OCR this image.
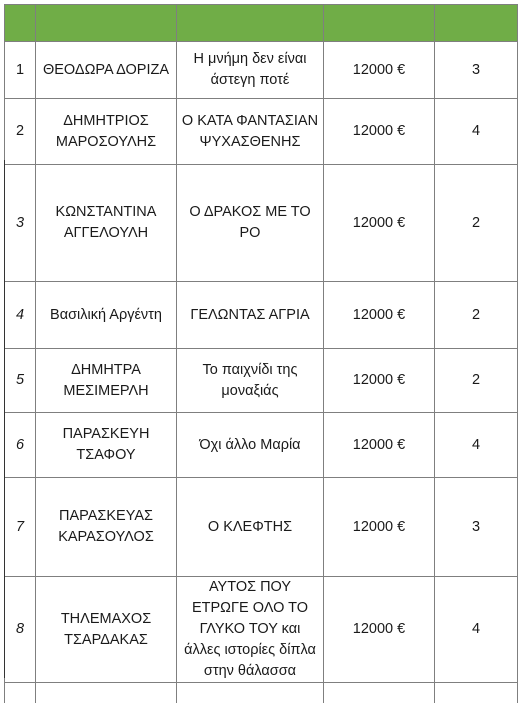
1	ΘΕΟΔΩΡΑ ΔΟΡΙΖΑ	Η μνήμη δεν είναι άστεγη ποτέ	12000 €	3
2	ΔΗΜΗΤΡΙΟΣ ΜΑΡΟΣΟΥΛΗΣ	Ο ΚΑΤΑ ΦΑΝΤΑΣΙΑΝ ΨΥΧΑΣΘΕΝΗΣ	12000 €	4
3	ΚΩΝΣΤΑΝΤΙΝΑ ΑΓΓΕΛΟΥΛΗ	Ο ΔΡΑΚΟΣ ΜΕ ΤΟ ΡΟ	12000 €	2
4	Βασιλική Αργέντη	ΓΕΛΩΝΤΑΣ ΑΓΡΙΑ	12000 €	2
5	ΔΗΜΗΤΡΑ ΜΕΣΙΜΕΡΛΗ	Το παιχνίδι της μοναξιάς	12000 €	2
6	ΠΑΡΑΣΚΕΥΗ ΤΣΑΦΟΥ	Όχι άλλο Μαρία	12000 €	4
7	ΠΑΡΑΣΚΕΥΑΣ ΚΑΡΑΣΟΥΛΟΣ	Ο ΚΛΕΦΤΗΣ	12000 €	3
8	ΤΗΛΕΜΑΧΟΣ ΤΣΑΡΔΑΚΑΣ	ΑΥΤΟΣ ΠΟΥ ΕΤΡΩΓΕ ΟΛΟ ΤΟ ΓΛΥΚΟ ΤΟΥ και άλλες ιστορίες δίπλα στην θάλασσα	12000 €	4
